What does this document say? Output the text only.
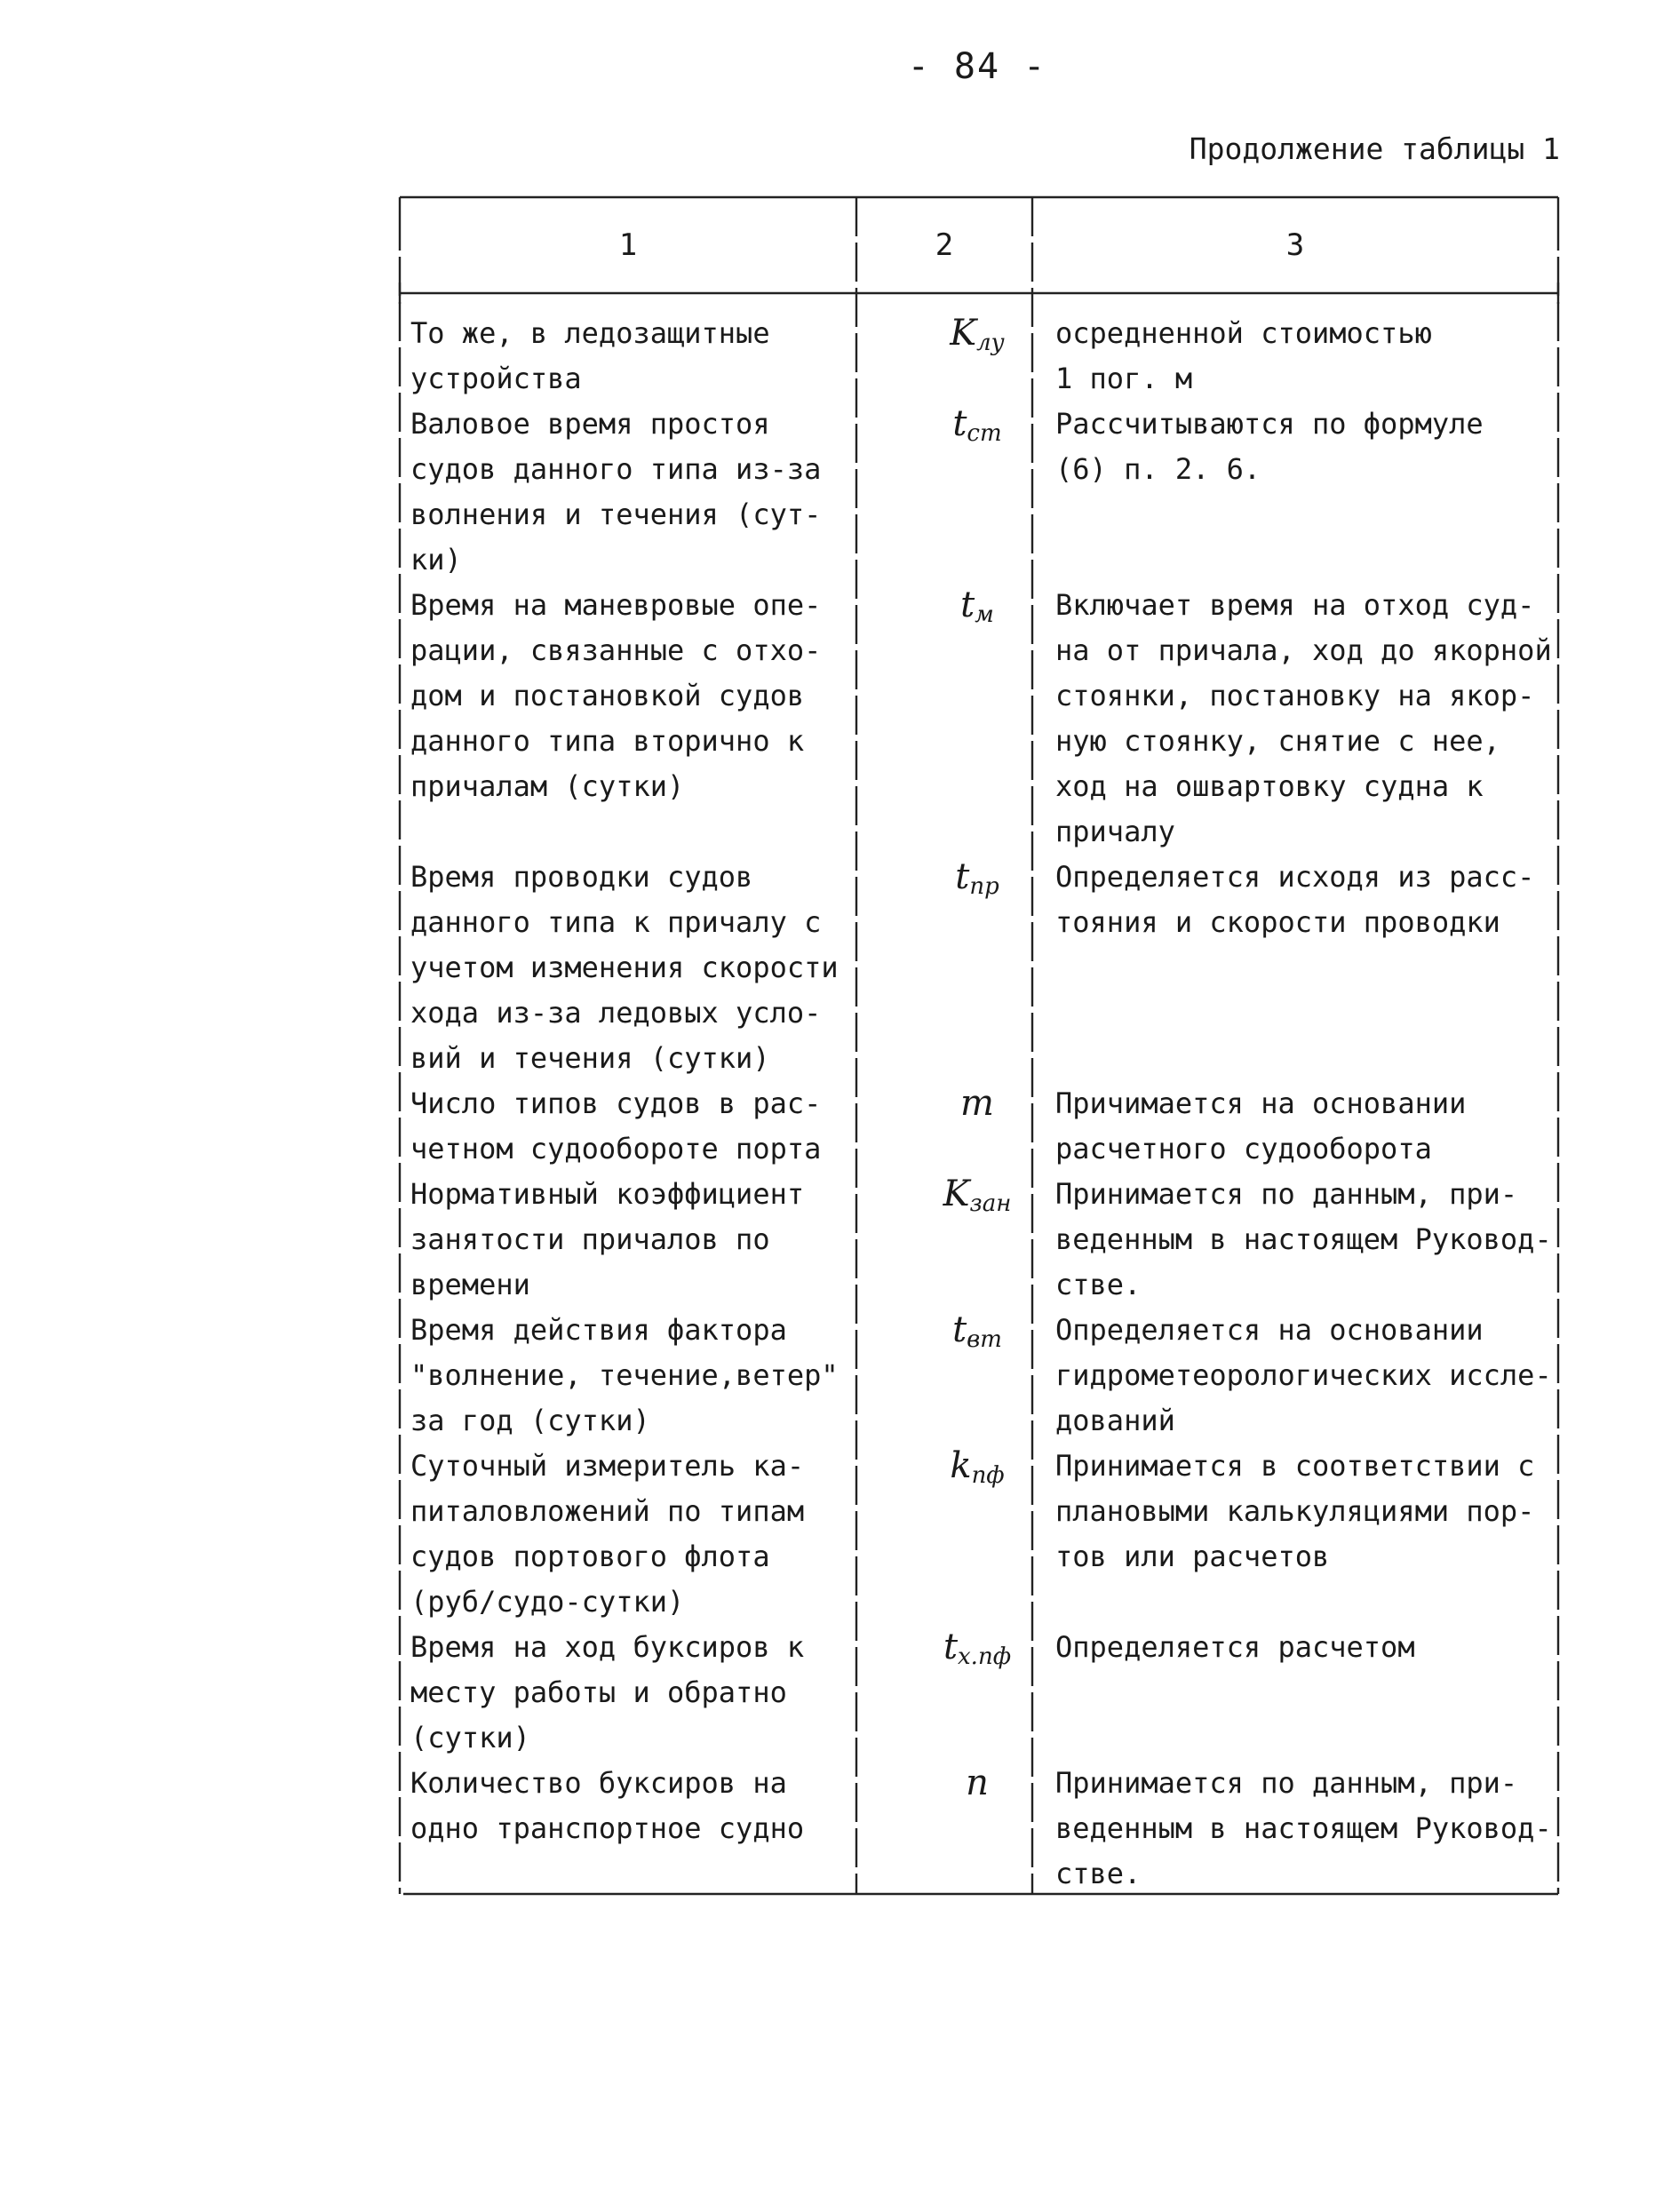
- 84 -
Продолжение таблицы 1
1	2	3
То же, в ледозащитные
устройства
$K_{лу}$	осредненной стоимостью
1 пог. м
Валовое время простоя
судов данного типа из-за
волнения и течения (сут-
ки)
$t_{ст}$	Рассчитываются по формуле
(6) п. 2. 6.
Время на маневровые опе-
рации, связанные с отхо-
дом и постановкой судов
данного типа вторично к
причалам (сутки)
$t_м$	Включает время на отход суд-
на от причала, ход до якорной
стоянки, постановку на якор-
ную стоянку, снятие с нее,
ход на ошвартовку судна к
причалу
Время проводки судов
данного типа к причалу с
учетом изменения скорости
хода из-за ледовых усло-
вий и течения (сутки)
$t_{пр}$	Определяется исходя из расс-
тояния и скорости проводки
Число типов судов в рас-
четном судообороте порта
m	Причимается на основании
расчетного судооборота
Нормативный коэффициент
занятости причалов по
времени
$K_{зан}$	Принимается по данным, при-
веденным в настоящем Руковод-
стве.
Время действия фактора
"волнение, течение,ветер"
за год (сутки)
$t_{вт}$	Определяется на основании
гидрометеорологических иссле-
дований
Суточный измеритель ка-
питаловложений по типам
судов портового флота
(руб/судо-сутки)
$k_{пф}$	Принимается в соответствии с
плановыми калькуляциями пор-
тов или расчетов
Время на ход буксиров к
месту работы и обратно
(сутки)
$t_{х.пф}$	Определяется расчетом
Количество буксиров на
одно транспортное судно
n	Принимается по данным, при-
веденным в настоящем Руковод-
стве.
